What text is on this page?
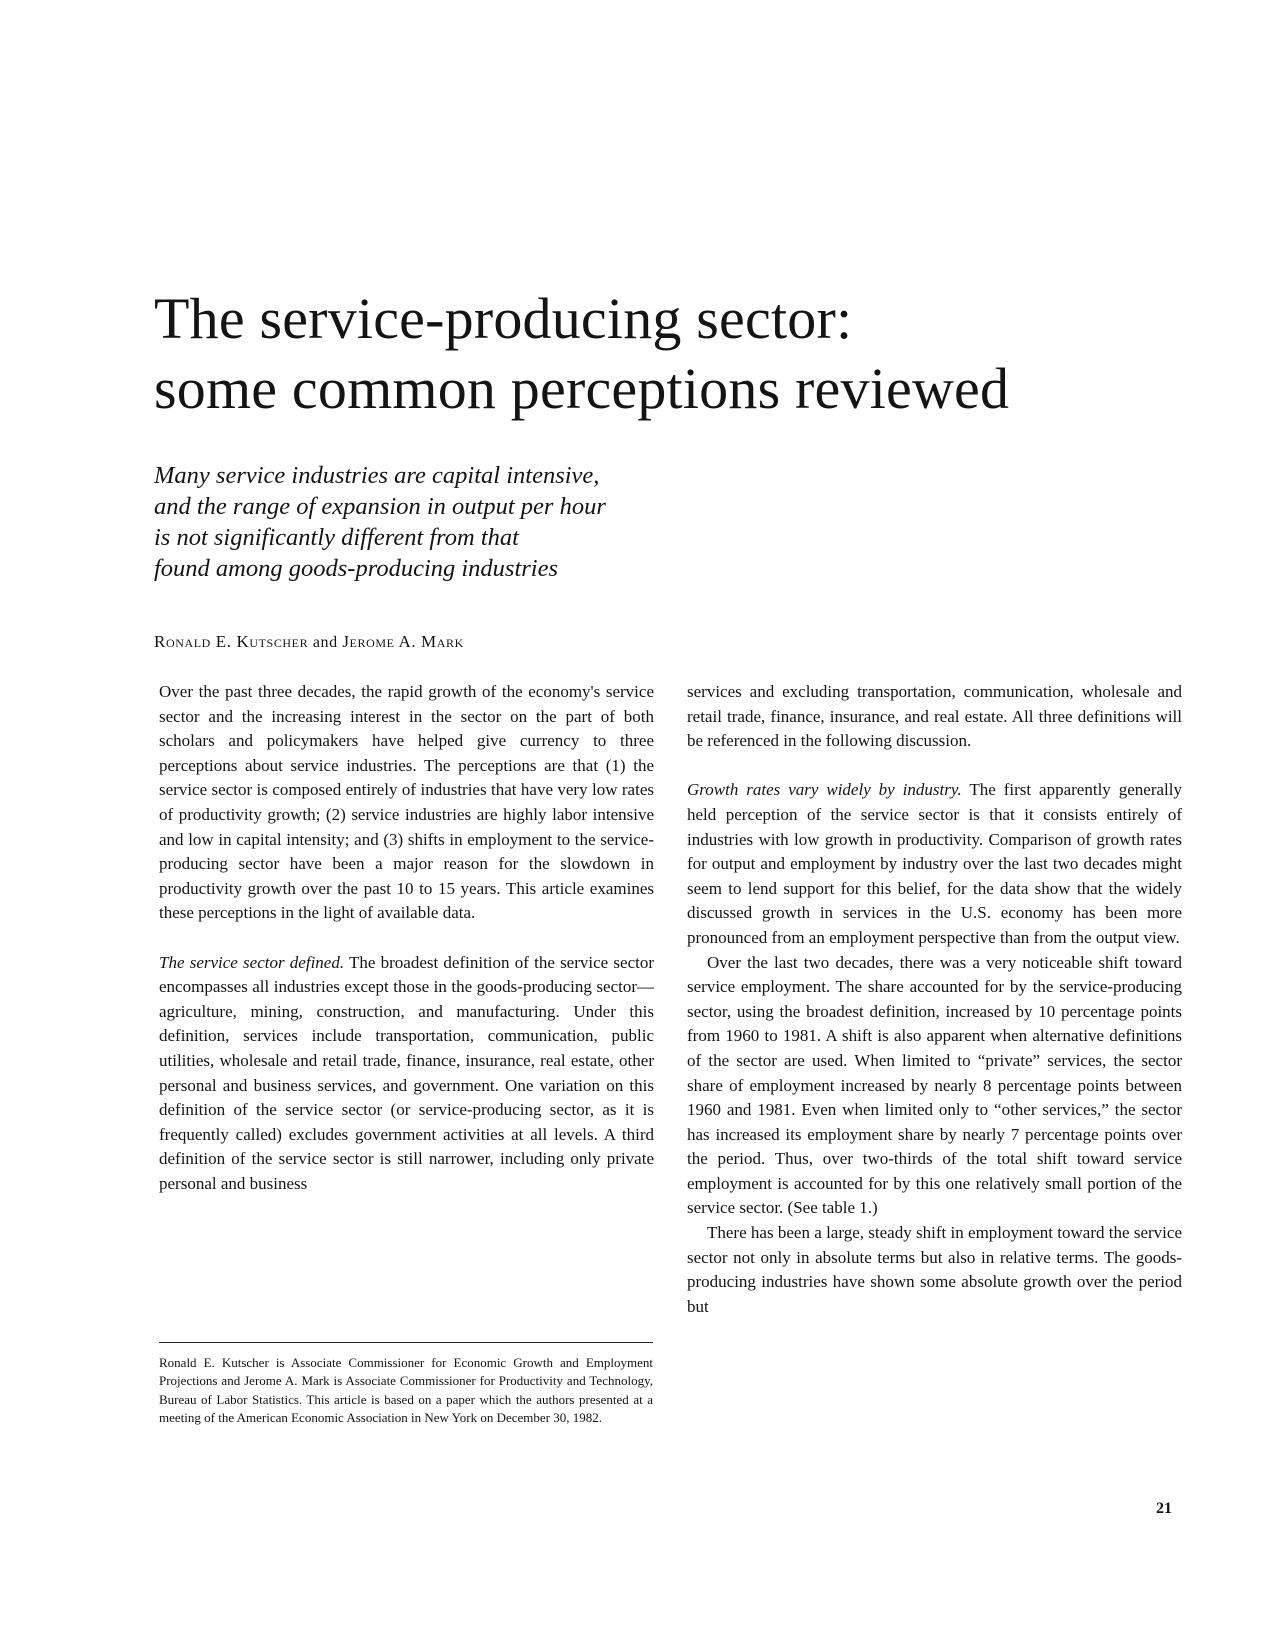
The service-producing sector:
some common perceptions reviewed
Many service industries are capital intensive,
and the range of expansion in output per hour
is not significantly different from that
found among goods-producing industries
Ronald E. Kutscher and Jerome A. Mark

Over the past three decades, the rapid growth of the economy's service sector and the increasing interest in the sector on the part of both scholars and policymakers have helped give currency to three perceptions about service industries. The perceptions are that (1) the service sector is composed entirely of industries that have very low rates of productivity growth; (2) service industries are highly labor intensive and low in capital intensity; and (3) shifts in employment to the service-producing sector have been a major reason for the slowdown in productivity growth over the past 10 to 15 years. This article examines these perceptions in the light of available data.

The service sector defined. The broadest definition of the service sector encompasses all industries except those in the goods-producing sector—agriculture, mining, construction, and manufacturing. Under this definition, services include transportation, communication, public utilities, wholesale and retail trade, finance, insurance, real estate, other personal and business services, and government. One variation on this definition of the service sector (or service-producing sector, as it is frequently called) excludes government activities at all levels. A third definition of the service sector is still narrower, including only private personal and business

services and excluding transportation, communication, wholesale and retail trade, finance, insurance, and real estate. All three definitions will be referenced in the following discussion.

Growth rates vary widely by industry. The first apparently generally held perception of the service sector is that it consists entirely of industries with low growth in productivity. Comparison of growth rates for output and employment by industry over the last two decades might seem to lend support for this belief, for the data show that the widely discussed growth in services in the U.S. economy has been more pronounced from an employment perspective than from the output view.

Over the last two decades, there was a very noticeable shift toward service employment. The share accounted for by the service-producing sector, using the broadest definition, increased by 10 percentage points from 1960 to 1981. A shift is also apparent when alternative definitions of the sector are used. When limited to “private” services, the sector share of employment increased by nearly 8 percentage points between 1960 and 1981. Even when limited only to “other services,” the sector has increased its employment share by nearly 7 percentage points over the period. Thus, over two-thirds of the total shift toward service employment is accounted for by this one relatively small portion of the service sector. (See table 1.)

There has been a large, steady shift in employment toward the service sector not only in absolute terms but also in relative terms. The goods-producing industries have shown some absolute growth over the period but

Ronald E. Kutscher is Associate Commissioner for Economic Growth and Employment Projections and Jerome A. Mark is Associate Commissioner for Productivity and Technology, Bureau of Labor Statistics. This article is based on a paper which the authors presented at a meeting of the American Economic Association in New York on December 30, 1982.
21
